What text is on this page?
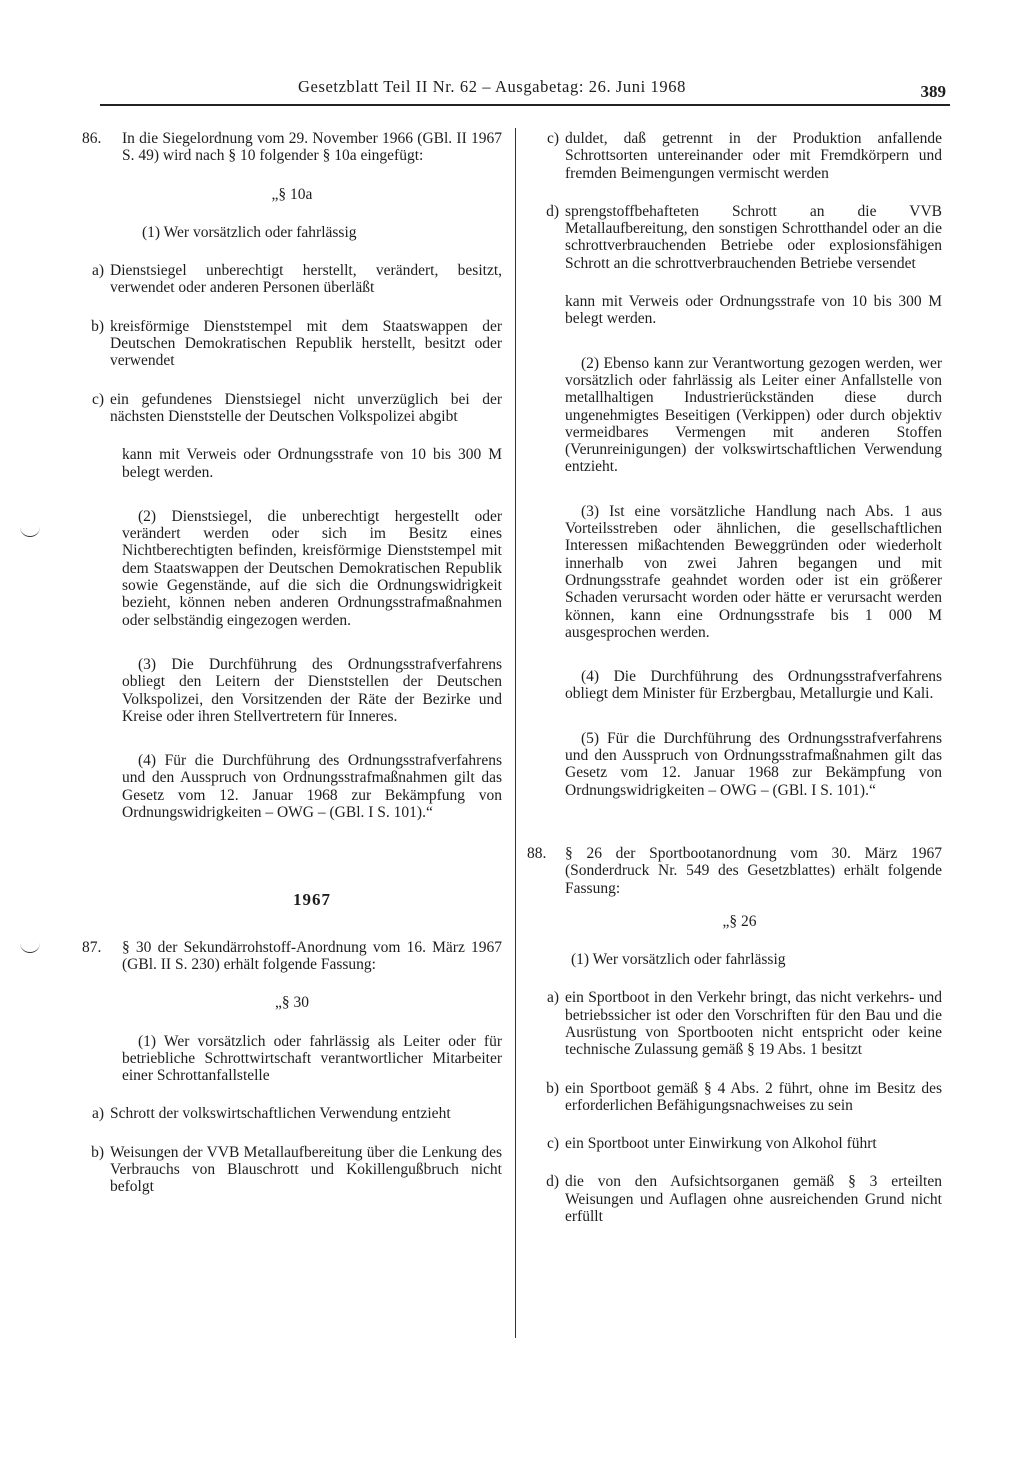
Gesetzblatt Teil II Nr. 62 – Ausgabetag: 26. Juni 1968	389
86.	In die Siegelordnung vom 29. November 1966 (GBl. II 1967 S. 49) wird nach § 10 folgender § 10a eingefügt:

„§ 10a

(1) Wer vorsätzlich oder fahrlässig

a) Dienstsiegel unberechtigt herstellt, verändert, besitzt, verwendet oder anderen Personen überläßt

b) kreisförmige Dienststempel mit dem Staatswappen der Deutschen Demokratischen Republik herstellt, besitzt oder verwendet

c) ein gefundenes Dienstsiegel nicht unverzüglich bei der nächsten Dienststelle der Deutschen Volkspolizei abgibt

kann mit Verweis oder Ordnungsstrafe von 10 bis 300 M belegt werden.

(2) Dienstsiegel, die unberechtigt hergestellt oder verändert werden oder sich im Besitz eines Nichtberechtigten befinden, kreisförmige Dienststempel mit dem Staatswappen der Deutschen Demokratischen Republik sowie Gegenstände, auf die sich die Ordnungswidrigkeit bezieht, können neben anderen Ordnungsstrafmaßnahmen oder selbständig eingezogen werden.

(3) Die Durchführung des Ordnungsstrafverfahrens obliegt den Leitern der Dienststellen der Deutschen Volkspolizei, den Vorsitzenden der Räte der Bezirke und Kreise oder ihren Stellvertretern für Inneres.

(4) Für die Durchführung des Ordnungsstrafverfahrens und den Ausspruch von Ordnungsstrafmaßnahmen gilt das Gesetz vom 12. Januar 1968 zur Bekämpfung von Ordnungswidrigkeiten – OWG – (GBl. I S. 101).“

1967

87.	§ 30 der Sekundärrohstoff-Anordnung vom 16. März 1967 (GBl. II S. 230) erhält folgende Fassung:

„§ 30

(1) Wer vorsätzlich oder fahrlässig als Leiter oder für betriebliche Schrottwirtschaft verantwortlicher Mitarbeiter einer Schrottanfallstelle

a) Schrott der volkswirtschaftlichen Verwendung entzieht

b) Weisungen der VVB Metallaufbereitung über die Lenkung des Verbrauchs von Blauschrott und Kokillengußbruch nicht befolgt

c) duldet, daß getrennt in der Produktion anfallende Schrottsorten untereinander oder mit Fremdkörpern und fremden Beimengungen vermischt werden

d) sprengstoffbehafteten Schrott an die VVB Metallaufbereitung, den sonstigen Schrotthandel oder an die schrottverbrauchenden Betriebe oder explosionsfähigen Schrott an die schrottverbrauchenden Betriebe versendet

kann mit Verweis oder Ordnungsstrafe von 10 bis 300 M belegt werden.

(2) Ebenso kann zur Verantwortung gezogen werden, wer vorsätzlich oder fahrlässig als Leiter einer Anfallstelle von metallhaltigen Industrierückständen diese durch ungenehmigtes Beseitigen (Verkippen) oder durch objektiv vermeidbares Vermengen mit anderen Stoffen (Verunreinigungen) der volkswirtschaftlichen Verwendung entzieht.

(3) Ist eine vorsätzliche Handlung nach Abs. 1 aus Vorteilsstreben oder ähnlichen, die gesellschaftlichen Interessen mißachtenden Beweggründen oder wiederholt innerhalb von zwei Jahren begangen und mit Ordnungsstrafe geahndet worden oder ist ein größerer Schaden verursacht worden oder hätte er verursacht werden können, kann eine Ordnungsstrafe bis 1 000 M ausgesprochen werden.

(4) Die Durchführung des Ordnungsstrafverfahrens obliegt dem Minister für Erzbergbau, Metallurgie und Kali.

(5) Für die Durchführung des Ordnungsstrafverfahrens und den Ausspruch von Ordnungsstrafmaßnahmen gilt das Gesetz vom 12. Januar 1968 zur Bekämpfung von Ordnungswidrigkeiten – OWG – (GBl. I S. 101).“

88.	§ 26 der Sportbootanordnung vom 30. März 1967 (Sonderdruck Nr. 549 des Gesetzblattes) erhält folgende Fassung:

„§ 26

(1) Wer vorsätzlich oder fahrlässig

a) ein Sportboot in den Verkehr bringt, das nicht verkehrs- und betriebssicher ist oder den Vorschriften für den Bau und die Ausrüstung von Sportbooten nicht entspricht oder keine technische Zulassung gemäß § 19 Abs. 1 besitzt

b) ein Sportboot gemäß § 4 Abs. 2 führt, ohne im Besitz des erforderlichen Befähigungsnachweises zu sein

c) ein Sportboot unter Einwirkung von Alkohol führt

d) die von den Aufsichtsorganen gemäß § 3 erteilten Weisungen und Auflagen ohne ausreichenden Grund nicht erfüllt
